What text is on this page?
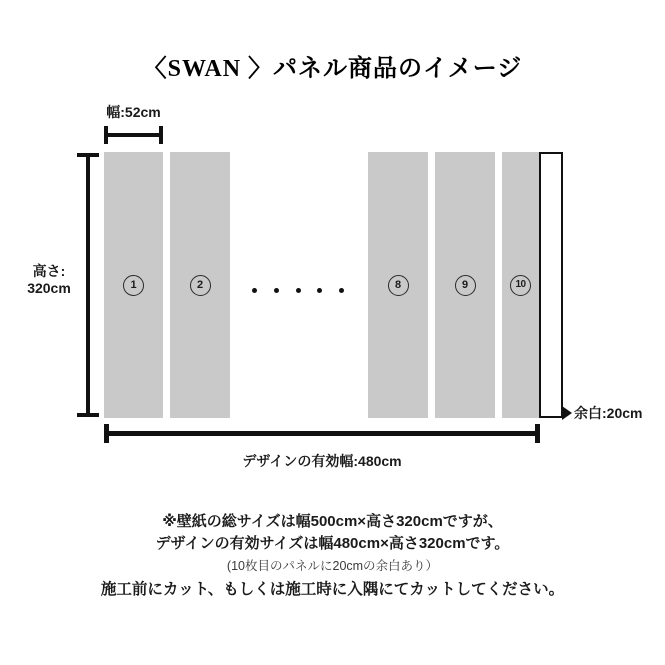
〈SWAN 〉パネル商品のイメージ
幅:52cm
高さ:
320cm	1	2	8	9	10
余白:20cm
デザインの有効幅:480cm

※壁紙の総サイズは幅500cm×高さ320cmですが、

デザインの有効サイズは幅480cm×高さ320cmです。

(10枚目のパネルに20cmの余白あり）

施工前にカット、もしくは施工時に入隅にてカットしてください。
